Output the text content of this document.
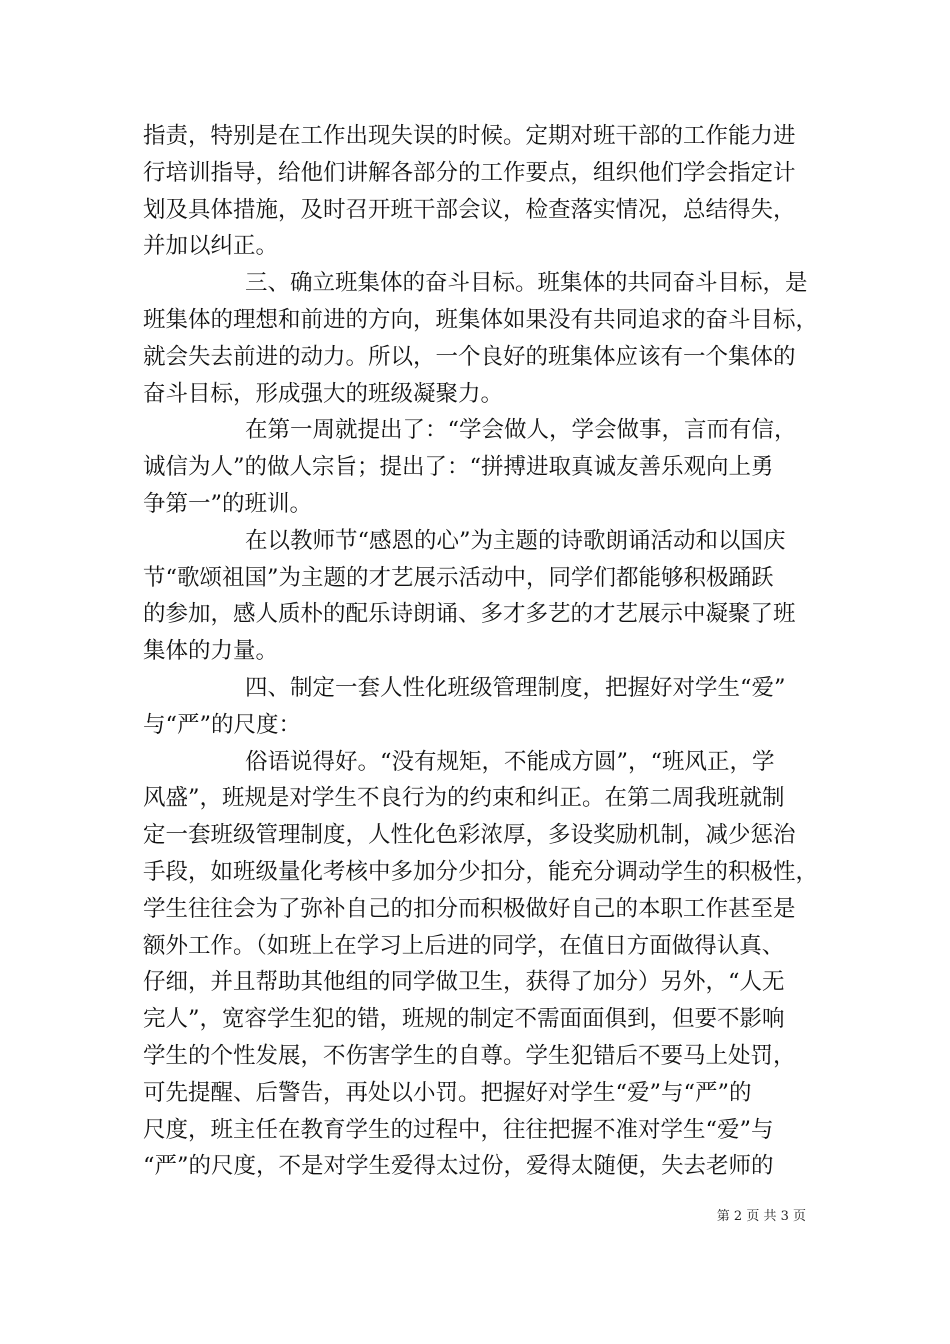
指责，特别是在工作出现失误的时候。定期对班干部的工作能力进
行培训指导，给他们讲解各部分的工作要点，组织他们学会指定计
划及具体措施，及时召开班干部会议，检查落实情况，总结得失，
并加以纠正。
三、确立班集体的奋斗目标。班集体的共同奋斗目标，是
班集体的理想和前进的方向，班集体如果没有共同追求的奋斗目标，
就会失去前进的动力。所以，一个良好的班集体应该有一个集体的
奋斗目标，形成强大的班级凝聚力。
在第一周就提出了：“学会做人，学会做事，言而有信，
诚信为人”的做人宗旨；提出了：“拼搏进取真诚友善乐观向上勇
争第一”的班训。
在以教师节“感恩的心”为主题的诗歌朗诵活动和以国庆
节“歌颂祖国”为主题的才艺展示活动中，同学们都能够积极踊跃
的参加，感人质朴的配乐诗朗诵、多才多艺的才艺展示中凝聚了班
集体的力量。
四、制定一套人性化班级管理制度，把握好对学生“爱”
与“严”的尺度：
俗语说得好。“没有规矩，不能成方圆”，“班风正，学
风盛”，班规是对学生不良行为的约束和纠正。在第二周我班就制
定一套班级管理制度，人性化色彩浓厚，多设奖励机制，减少惩治
手段，如班级量化考核中多加分少扣分，能充分调动学生的积极性，
学生往往会为了弥补自己的扣分而积极做好自己的本职工作甚至是
额外工作。（如班上在学习上后进的同学，在值日方面做得认真、
仔细，并且帮助其他组的同学做卫生，获得了加分）另外，“人无
完人”，宽容学生犯的错，班规的制定不需面面俱到，但要不影响
学生的个性发展，不伤害学生的自尊。学生犯错后不要马上处罚，
可先提醒、后警告，再处以小罚。把握好对学生“爱”与“严”的
尺度，班主任在教育学生的过程中，往往把握不准对学生“爱”与
“严”的尺度，不是对学生爱得太过份，爱得太随便，失去老师的
第 2 页 共 3 页
